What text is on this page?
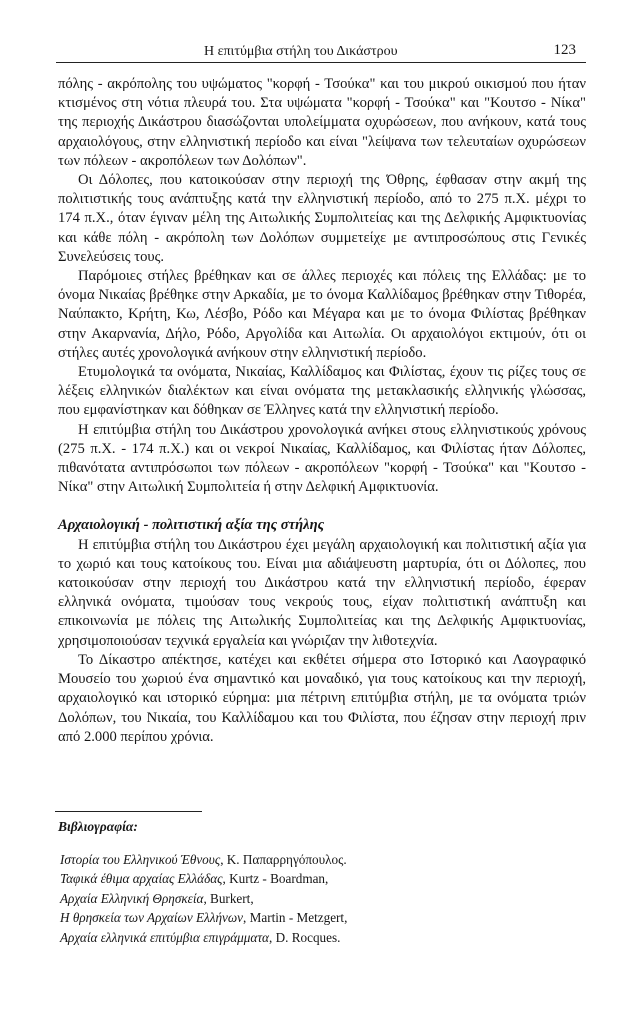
Η επιτύμβια στήλη του Δικάστρου	123

πόλης - ακρόπολης του υψώματος "κορφή - Τσούκα" και του μικρού οικισμού που ήταν κτισμένος στη νότια πλευρά του. Στα υψώματα "κορφή - Τσούκα" και "Κουτσο - Νίκα" της περιοχής Δικάστρου διασώζονται υπολείμματα οχυρώσεων, που ανήκουν, κατά τους αρχαιολόγους, στην ελληνιστική περίοδο και είναι "λείψανα των τελευταίων οχυρώσεων των πόλεων - ακροπόλεων των Δολόπων".

Οι Δόλοπες, που κατοικούσαν στην περιοχή της Όθρης, έφθασαν στην ακμή της πολιτιστικής τους ανάπτυξης κατά την ελληνιστική περίοδο, από το 275 π.Χ. μέχρι το 174 π.Χ., όταν έγιναν μέλη της Αιτωλικής Συμπολιτείας και της Δελφικής Αμφικτυονίας και κάθε πόλη - ακρόπολη των Δολόπων συμμετείχε με αντιπροσώπους στις Γενικές Συνελεύσεις τους.

Παρόμοιες στήλες βρέθηκαν και σε άλλες περιοχές και πόλεις της Ελλάδας: με το όνομα Νικαίας βρέθηκε στην Αρκαδία, με το όνομα Καλλίδαμος βρέθηκαν στην Τιθορέα, Ναύπακτο, Κρήτη, Κω, Λέσβο, Ρόδο και Μέγαρα και με το όνομα Φιλίστας βρέθηκαν στην Ακαρνανία, Δήλο, Ρόδο, Αργολίδα και Αιτωλία. Οι αρχαιολόγοι εκτιμούν, ότι οι στήλες αυτές χρονολογικά ανήκουν στην ελληνιστική περίοδο.

Ετυμολογικά τα ονόματα, Νικαίας, Καλλίδαμος και Φιλίστας, έχουν τις ρίζες τους σε λέξεις ελληνικών διαλέκτων και είναι ονόματα της μετακλασικής ελληνικής γλώσσας, που εμφανίστηκαν και δόθηκαν σε Έλληνες κατά την ελληνιστική περίοδο.

Η επιτύμβια στήλη του Δικάστρου χρονολογικά ανήκει στους ελληνιστικούς χρόνους (275 π.Χ. - 174 π.Χ.) και οι νεκροί Νικαίας, Καλλίδαμος, και Φιλίστας ήταν Δόλοπες, πιθανότατα αντιπρόσωποι των πόλεων - ακροπόλεων "κορφή - Τσούκα" και "Κουτσο - Νίκα" στην Αιτωλική Συμπολιτεία ή στην Δελφική Αμφικτυονία.

Αρχαιολογική - πολιτιστική αξία της στήλης

Η επιτύμβια στήλη του Δικάστρου έχει μεγάλη αρχαιολογική και πολιτιστική αξία για το χωριό και τους κατοίκους του. Είναι μια αδιάψευστη μαρτυρία, ότι οι Δόλοπες, που κατοικούσαν στην περιοχή του Δικάστρου κατά την ελληνιστική περίοδο, έφεραν ελληνικά ονόματα, τιμούσαν τους νεκρούς τους, είχαν πολιτιστική ανάπτυξη και επικοινωνία με πόλεις της Αιτωλικής Συμπολιτείας και της Δελφικής Αμφικτυονίας, χρησιμοποιούσαν τεχνικά εργαλεία και γνώριζαν την λιθοτεχνία.

Το Δίκαστρο απέκτησε, κατέχει και εκθέτει σήμερα στο Ιστορικό και Λαογραφικό Μουσείο του χωριού ένα σημαντικό και μοναδικό, για τους κατοίκους και την περιοχή, αρχαιολογικό και ιστορικό εύρημα: μια πέτρινη επιτύμβια στήλη, με τα ονόματα τριών Δολόπων, του Νικαία, του Καλλίδαμου και του Φιλίστα, που έζησαν στην περιοχή πριν από 2.000 περίπου χρόνια.

Βιβλιογραφία:
Ιστορία του Ελληνικού Έθνους, Κ. Παπαρρηγόπουλος.
Ταφικά έθιμα αρχαίας Ελλάδας, Kurtz - Boardman,
Αρχαία Ελληνική Θρησκεία, Burkert,
Η θρησκεία των Αρχαίων Ελλήνων, Martin - Metzgert,
Αρχαία ελληνικά επιτύμβια επιγράμματα, D. Rocques.
